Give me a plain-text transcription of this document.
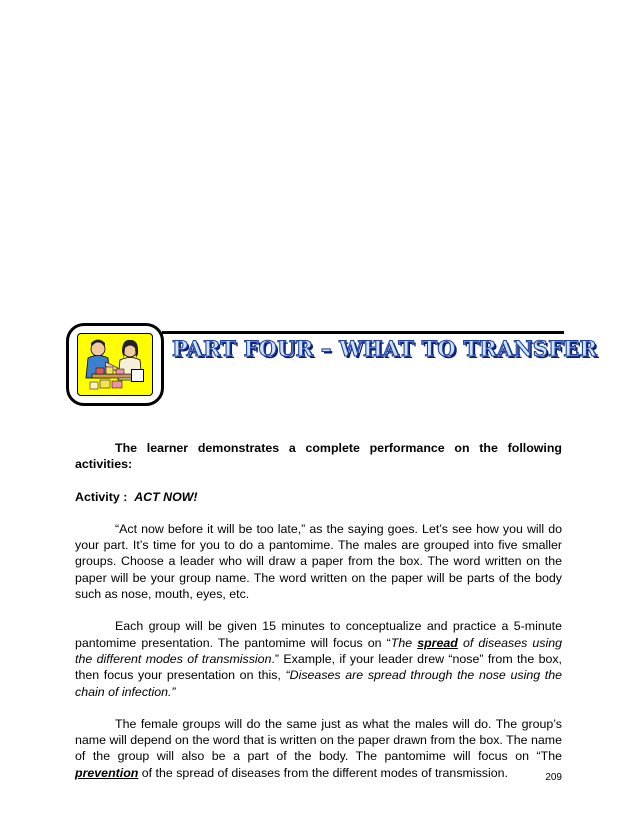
PART FOUR – WHAT TO TRANSFER

The learner demonstrates a complete performance on the following activities:

Activity : ACT NOW!

“Act now before it will be too late,” as the saying goes. Let’s see how you will do your part. It’s time for you to do a pantomime. The males are grouped into five smaller groups. Choose a leader who will draw a paper from the box. The word written on the paper will be your group name. The word written on the paper will be parts of the body such as nose, mouth, eyes, etc.

Each group will be given 15 minutes to conceptualize and practice a 5-minute pantomime presentation. The pantomime will focus on “The spread of diseases using the different modes of transmission.” Example, if your leader drew “nose” from the box, then focus your presentation on this, “Diseases are spread through the nose using the chain of infection.”

The female groups will do the same just as what the males will do. The group’s name will depend on the word that is written on the paper drawn from the box. The name of the group will also be a part of the body. The pantomime will focus on “The prevention of the spread of diseases from the different modes of transmission.	209
